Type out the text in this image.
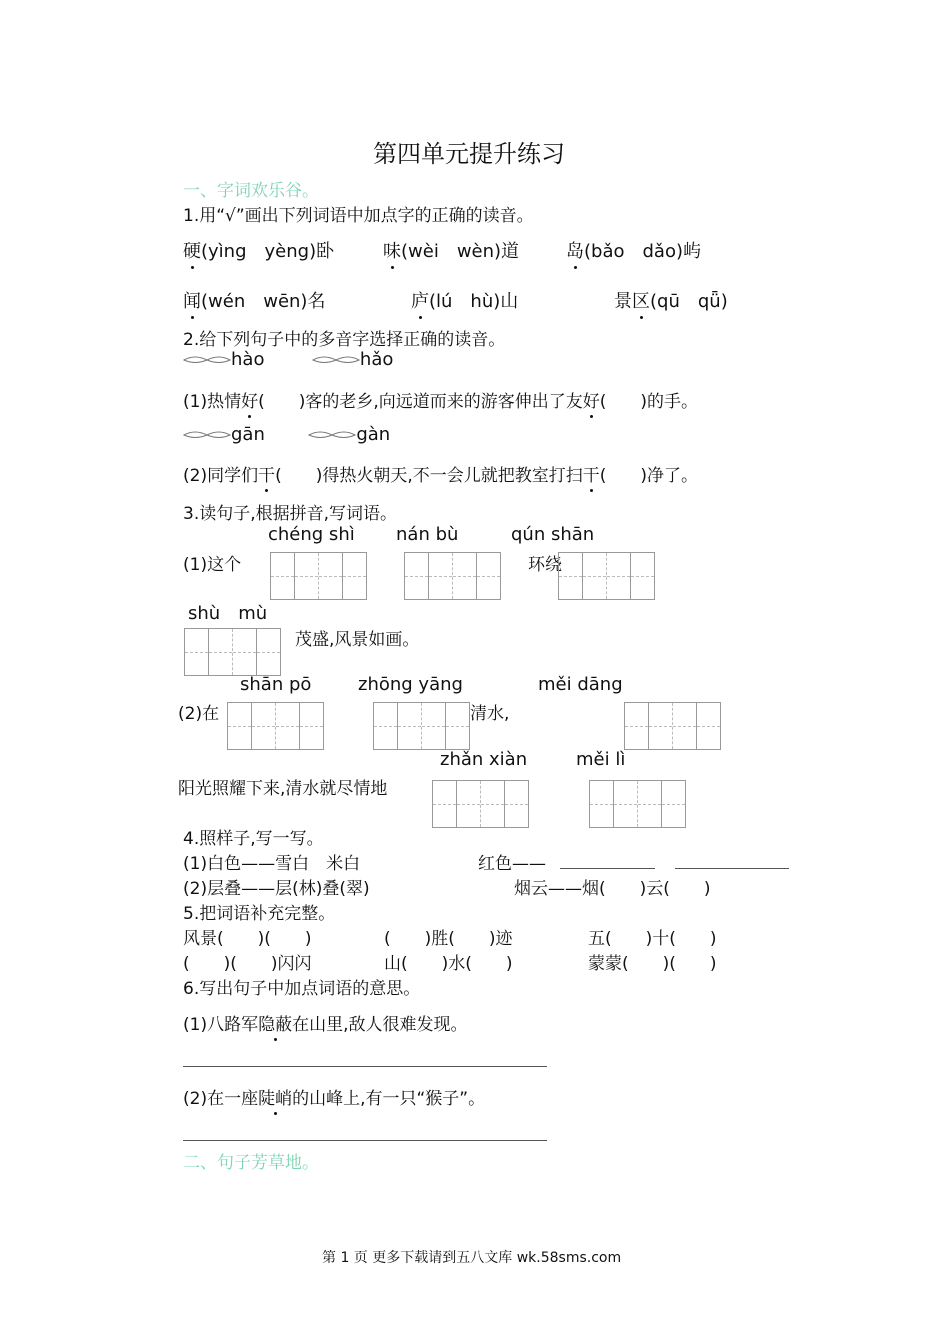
第四单元提升练习
一、字词欢乐谷。
1.用“√”画出下列词语中加点字的正确的读音。
硬(yìng　yèng)卧	味(wèi　wèn)道	岛(bǎo　dǎo)屿
闻(wén　wēn)名	庐(lú　hù)山	景区(qū　qǖ)
2.给下列句子中的多音字选择正确的读音。
hào	hǎo
(1)热情好(　　)客的老乡,向远道而来的游客伸出了友好(　　)的手。
gān	gàn
(2)同学们干(　　)得热火朝天,不一会儿就把教室打扫干(　　)净了。
3.读句子,根据拼音,写词语。
chéng shì nán bù	qún shān
(1)这个	环绕
shù　mù
茂盛,风景如画。
shān pō	zhōng yāng	měi dāng
(2)在	清水,
zhǎn xiàn	měi lì
阳光照耀下来,清水就尽情地
4.照样子,写一写。
(1)白色——雪白　米白	红色——
(2)层叠——层(林)叠(翠)	烟云——烟(　　)云(　　)
5.把词语补充完整。
风景(　　)(　　)	(　　)胜(　　)迹	五(　　)十(　　)
(　　)(　　)闪闪	山(　　)水(　　)	蒙蒙(　　)(　　)
6.写出句子中加点词语的意思。
(1)八路军隐蔽在山里,敌人很难发现。
(2)在一座陡峭的山峰上,有一只“猴子”。
二、句子芳草地。
第 1 页 更多下载请到五八文库 wk.58sms.com
